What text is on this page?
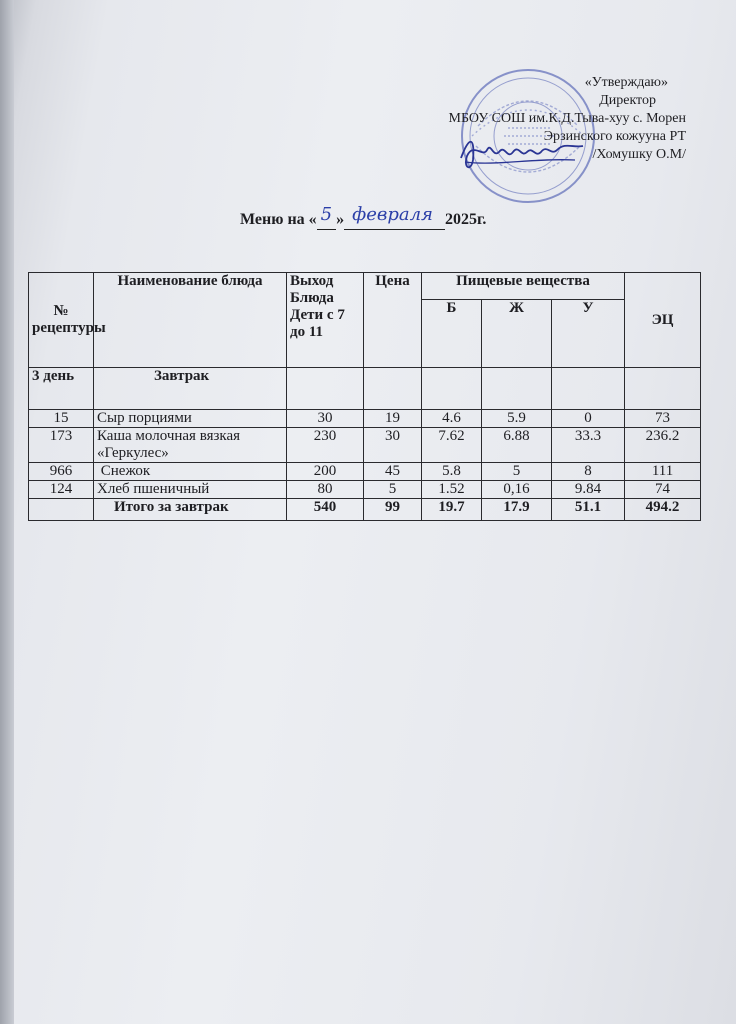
«Утверждаю»
Директор
МБОУ СОШ им.К.Д.Тыва-хуу с. Морен
Эрзинского кожууна РТ
/Хомушку О.М/
Меню на « 5 » февраля 2025г.
№ рецептуры	Наименование блюда	Выход Блюда Дети с 7 до 11	Цена	Пищевые вещества			ЭЦ
				Б	Ж	У	
3 день	Завтрак						
15	Сыр порциями	30	19	4.6	5.9	0	73
173	Каша молочная вязкая «Геркулес»	230	30	7.62	6.88	33.3	236.2
966	Снежок	200	45	5.8	5	8	111
124	Хлеб пшеничный	80	5	1.52	0,16	9.84	74
	Итого за завтрак	540	99	19.7	17.9	51.1	494.2
